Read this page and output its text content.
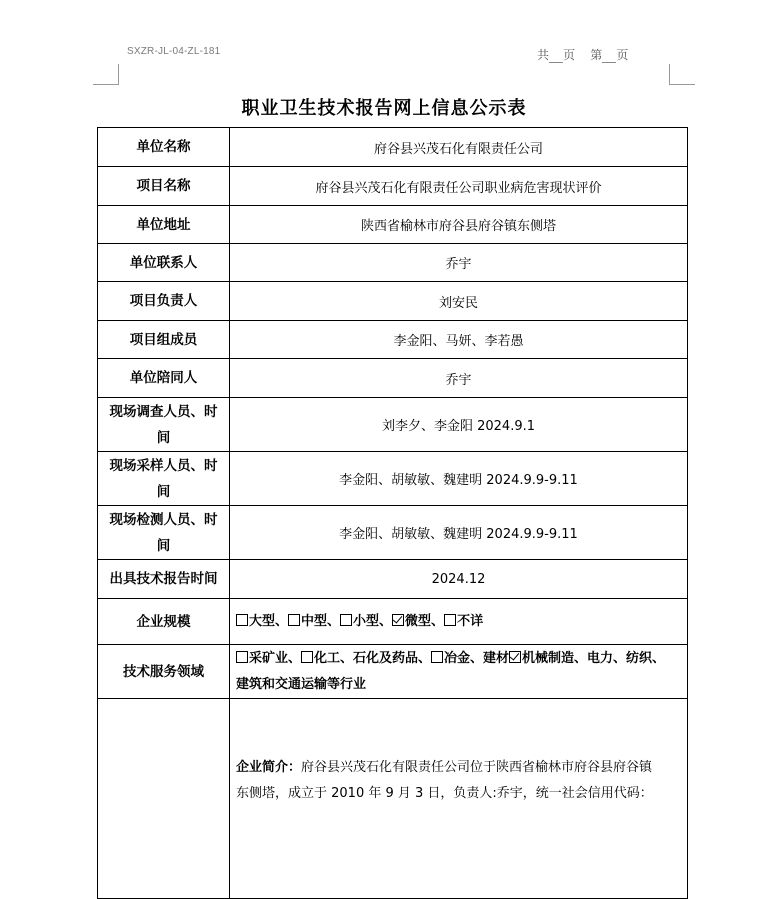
SXZR-JL-04-ZL-181	共 页 第 页
职业卫生技术报告网上信息公示表
单位名称	府谷县兴茂石化有限责任公司
项目名称	府谷县兴茂石化有限责任公司职业病危害现状评价
单位地址	陕西省榆林市府谷县府谷镇东侧塔
单位联系人	乔宇
项目负责人	刘安民
项目组成员	李金阳、马妍、李若愚
单位陪同人	乔宇
现场调查人员、时
间	刘李夕、李金阳 2024.9.1
现场采样人员、时
间	李金阳、胡敏敏、魏建明 2024.9.9-9.11
现场检测人员、时
间	李金阳、胡敏敏、魏建明 2024.9.9-9.11
出具技术报告时间	2024.12
企业规模	大型、 中型、 小型、 微型、 不详
技术服务领域	采矿业、 化工、石化及药品、 冶金、建材 机械制造、电力、纺织、
建筑和交通运输等行业
	企业简介：府谷县兴茂石化有限责任公司位于陕西省榆林市府谷县府谷镇
东侧塔，成立于 2010 年 9 月 3 日，负责人:乔宇，统一社会信用代码：
